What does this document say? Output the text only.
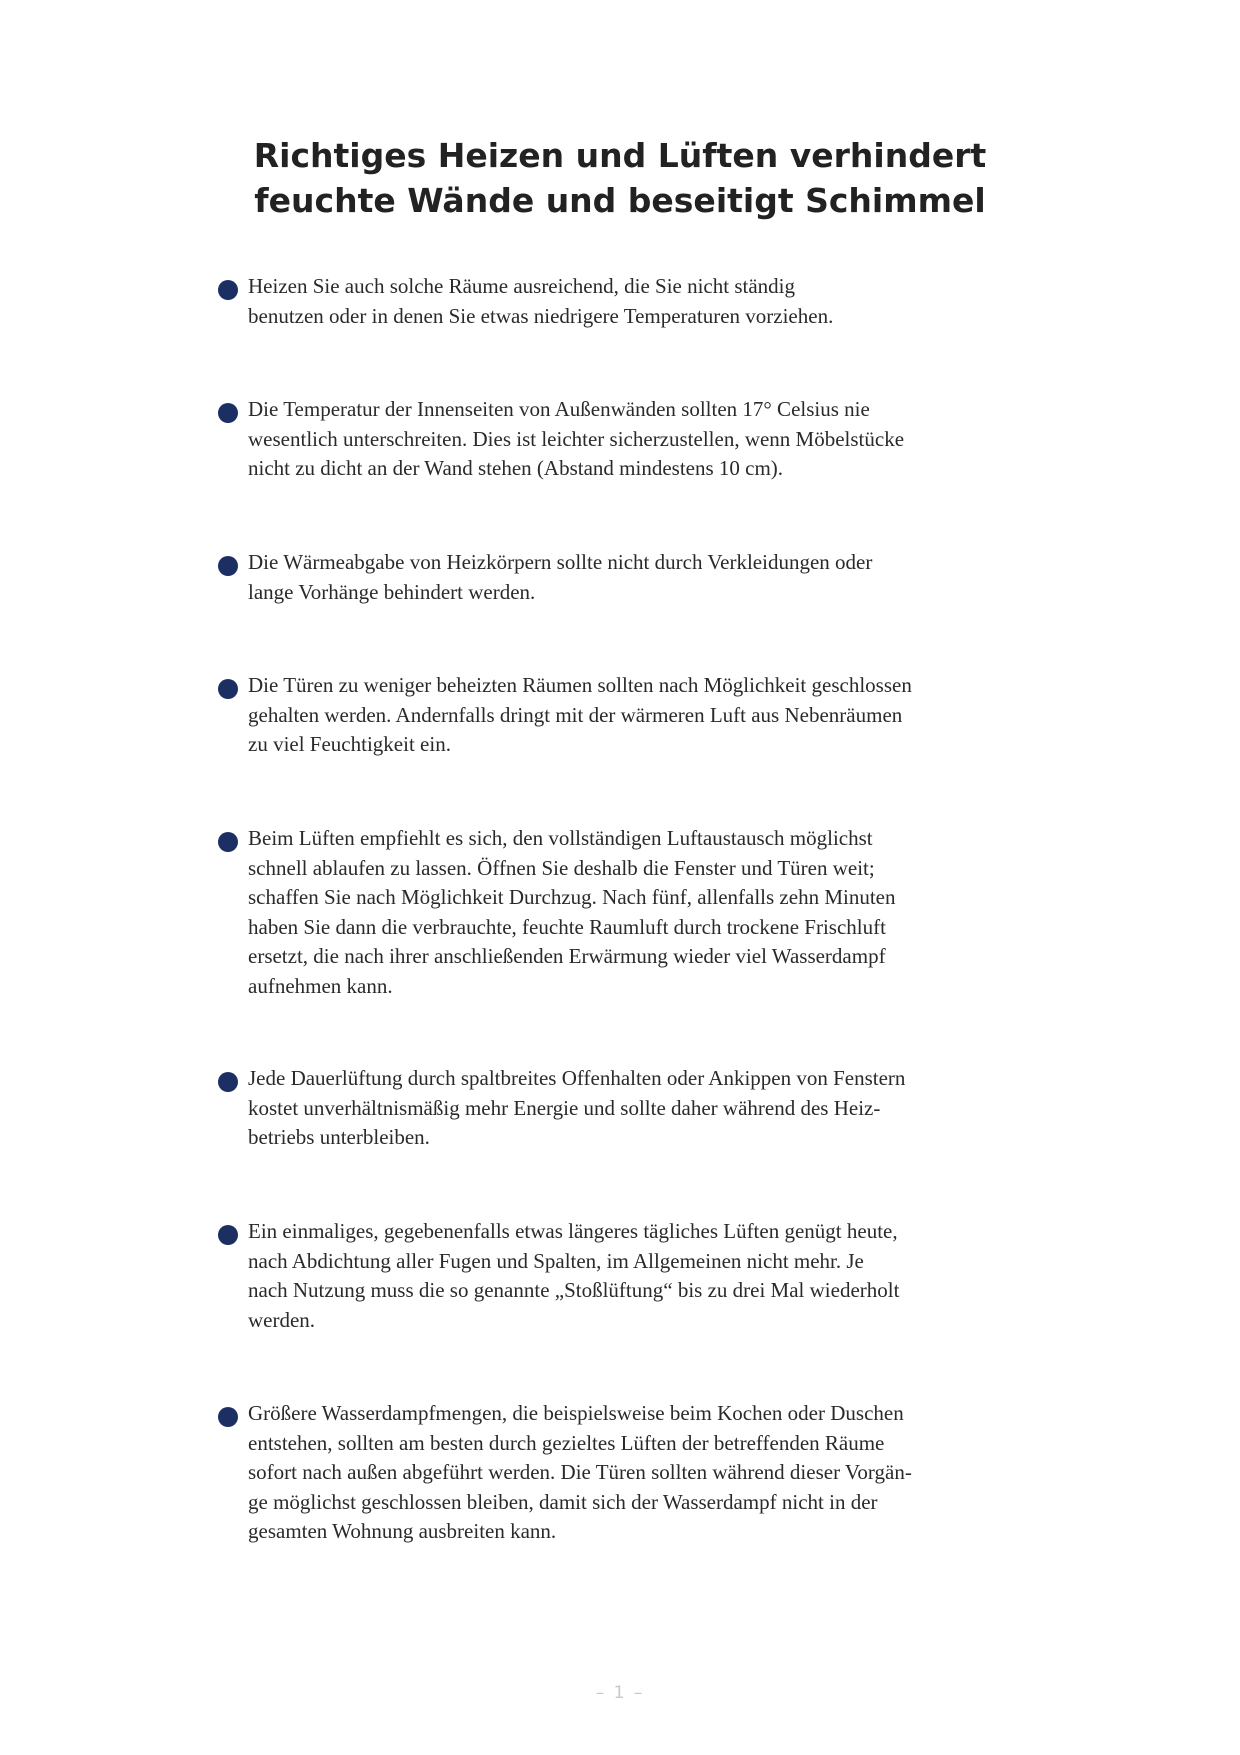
Richtiges Heizen und Lüften verhindert
feuchte Wände und beseitigt Schimmel
Heizen Sie auch solche Räume ausreichend, die Sie nicht ständig
benutzen oder in denen Sie etwas niedrigere Temperaturen vorziehen.
Die Temperatur der Innenseiten von Außenwänden sollten 17° Celsius nie
wesentlich unterschreiten. Dies ist leichter sicherzustellen, wenn Möbelstücke
nicht zu dicht an der Wand stehen (Abstand mindestens 10 cm).
Die Wärmeabgabe von Heizkörpern sollte nicht durch Verkleidungen oder
lange Vorhänge behindert werden.
Die Türen zu weniger beheizten Räumen sollten nach Möglichkeit geschlossen
gehalten werden. Andernfalls dringt mit der wärmeren Luft aus Nebenräumen
zu viel Feuchtigkeit ein.
Beim Lüften empfiehlt es sich, den vollständigen Luftaustausch möglichst
schnell ablaufen zu lassen. Öffnen Sie deshalb die Fenster und Türen weit;
schaffen Sie nach Möglichkeit Durchzug. Nach fünf, allenfalls zehn Minuten
haben Sie dann die verbrauchte, feuchte Raumluft durch trockene Frischluft
ersetzt, die nach ihrer anschließenden Erwärmung wieder viel Wasserdampf
aufnehmen kann.
Jede Dauerlüftung durch spaltbreites Offenhalten oder Ankippen von Fenstern
kostet unverhältnismäßig mehr Energie und sollte daher während des Heiz-
betriebs unterbleiben.
Ein einmaliges, gegebenenfalls etwas längeres tägliches Lüften genügt heute,
nach Abdichtung aller Fugen und Spalten, im Allgemeinen nicht mehr. Je
nach Nutzung muss die so genannte „Stoßlüftung“ bis zu drei Mal wiederholt
werden.
Größere Wasserdampfmengen, die beispielsweise beim Kochen oder Duschen
entstehen, sollten am besten durch gezieltes Lüften der betreffenden Räume
sofort nach außen abgeführt werden. Die Türen sollten während dieser Vorgän-
ge möglichst geschlossen bleiben, damit sich der Wasserdampf nicht in der
gesamten Wohnung ausbreiten kann.
– 1 –
